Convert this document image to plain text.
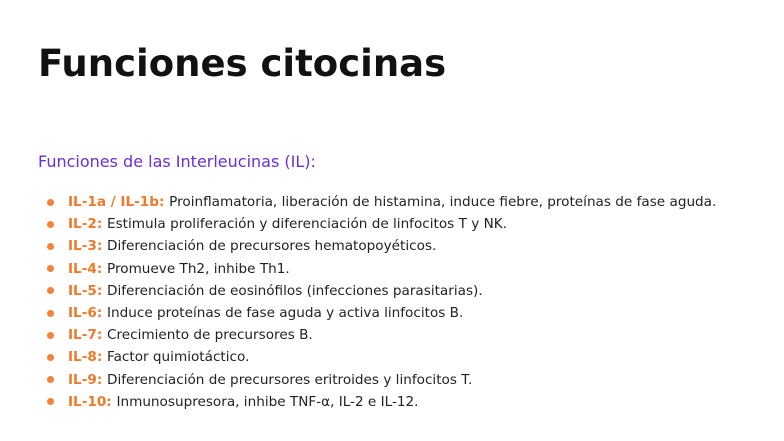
Funciones citocinas
Funciones de las Interleucinas (IL):
IL-1a / IL-1b: Proinflamatoria, liberación de histamina, induce fiebre, proteínas de fase aguda.
IL-2: Estimula proliferación y diferenciación de linfocitos T y NK.
IL-3: Diferenciación de precursores hematopoyéticos.
IL-4: Promueve Th2, inhibe Th1.
IL-5: Diferenciación de eosinófilos (infecciones parasitarias).
IL-6: Induce proteínas de fase aguda y activa linfocitos B.
IL-7: Crecimiento de precursores B.
IL-8: Factor quimiotáctico.
IL-9: Diferenciación de precursores eritroides y linfocitos T.
IL-10: Inmunosupresora, inhibe TNF-α, IL-2 e IL-12.
